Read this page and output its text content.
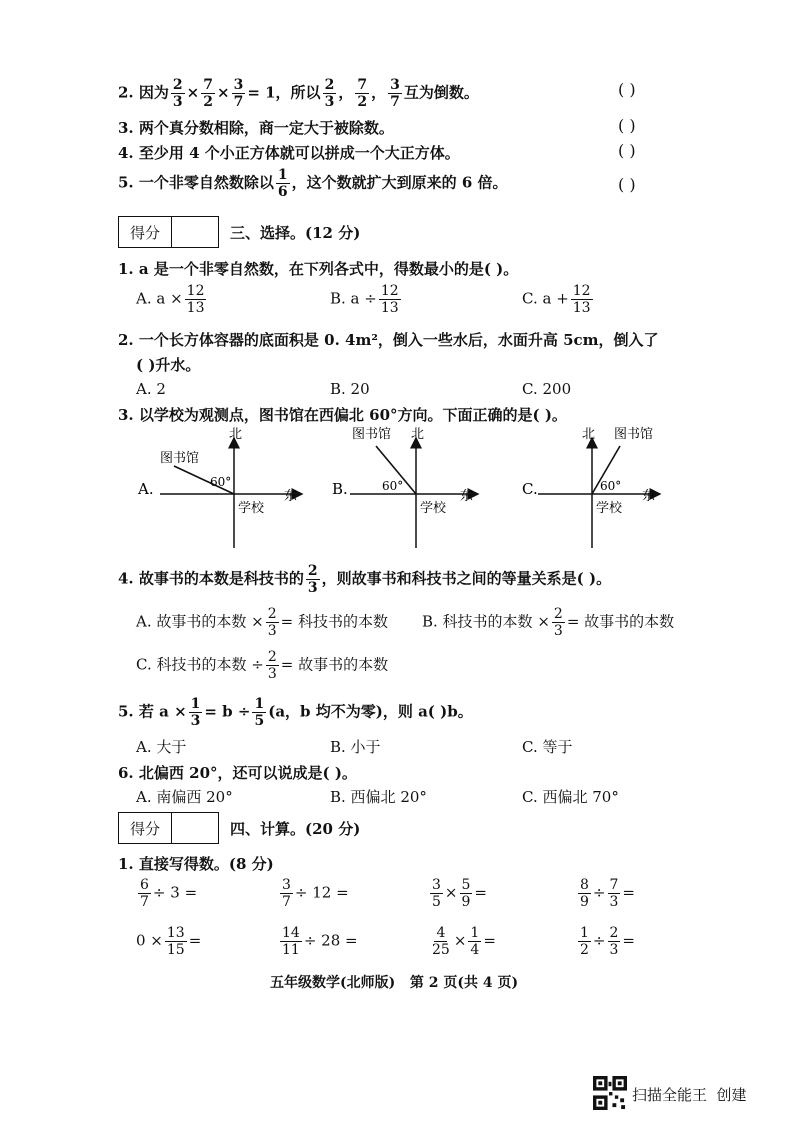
2. 因为 $\frac{2}{3} \times \frac{7}{2} \times \frac{3}{7} = 1$，所以 $\frac{2}{3}$ ， $\frac{7}{2}$ ， $\frac{3}{7}$ 互为倒数。	( )
3. 两个真分数相除，商一定大于被除数。	( )
4. 至少用 4 个小正方体就可以拼成一个大正方体。	( )
5. 一个非零自然数除以 $\frac{1}{6}$ ，这个数就扩大到原来的 6 倍。	( )
得分	三、选择。(12 分)
1. a 是一个非零自然数，在下列各式中，得数最小的是( )。
A. $a \times \frac{12}{13}$	B. $a \div \frac{12}{13}$	C. $a + \frac{12}{13}$
2. 一个长方体容器的底面积是 0. 4m²，倒入一些水后，水面升高 5cm，倒入了
( )升水。
A. 2	B. 20	C. 200
3. 以学校为观测点，图书馆在西偏北 60°方向。下面正确的是( )。
A.
北
东
图书馆
60°
学校
B.
北
东
图书馆
60°
学校
C.
北
东
图书馆
60°
学校
4. 故事书的本数是科技书的 $\frac{2}{3}$ ，则故事书和科技书之间的等量关系是( )。
A. 故事书的本数 × $\frac{2}{3}$ = 科技书的本数 B. 科技书的本数 × $\frac{2}{3}$ = 故事书的本数
C. 科技书的本数 ÷ $\frac{2}{3}$ = 故事书的本数
5. 若 $a \times \frac{1}{3} = b \div \frac{1}{5} (a$，b 均不为零)，则 a( )b。
A. 大于	B. 小于	C. 等于
6. 北偏西 20°，还可以说成是( )。
A. 南偏西 20°	B. 西偏北 20°	C. 西偏北 70°
得分	四、计算。(20 分)
1. 直接写得数。(8 分)
$\frac{6}{7} \div 3$ =	$\frac{3}{7} \div 12$ =	$\frac{3}{5} \times \frac{5}{9}$ =	$\frac{8}{9} \div \frac{7}{3}$ =
$0 \times \frac{13}{15}$ =	$\frac{14}{11} \div 28$ =	$\frac{4}{25} \times \frac{1}{4}$ =	$\frac{1}{2} \div \frac{2}{3}$ =
五年级数学(北师版)   第 2 页(共 4 页)
扫描全能王  创建
